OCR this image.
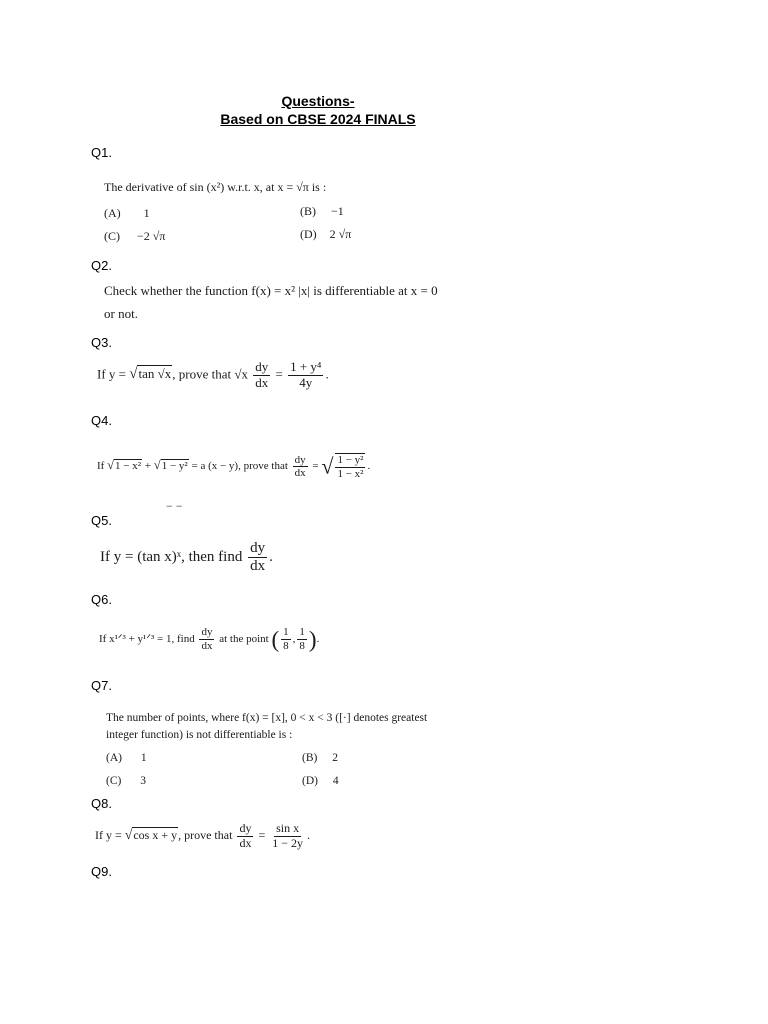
Questions-
Based on CBSE 2024 FINALS
Q1.
The derivative of sin (x²) w.r.t. x, at x = √π is :
(A) 1	(B) −1
(C) −2 √π	(D) 2 √π
Q2.
Check whether the function f(x) = x² |x| is differentiable at x = 0
or not.
Q3.
If y = √tan √x, prove that $√x \frac{dy}{dx} = \frac{\text{1 + y⁴}}{4y}$ .
Q4.
If √1 − x² + √1 − y² = a (x − y), prove that $\frac{dy}{dx}$ = √ $\frac{\text{1 − y²}}{\text{1 − x²}}$ .
− −
Q5.
If y = (tan x)ˣ, then find $\frac{dy}{dx}$ .
Q6.
If x¹ᐟ³ + y¹ᐟ³ = 1, find $\frac{dy}{dx}$ at the point ( $\frac{1}{8}$ , $\frac{1}{8}$ ).
Q7.
The number of points, where f(x) = [x], 0 < x < 3 ([·] denotes greatest
integer function) is not differentiable is :
(A) 1	(B) 2
(C) 3	(D) 4
Q8.
If y = √cos x + y, prove that $\frac{dy}{dx} = \frac{\text{sin x}}{1 - 2y}$ .
Q9.
